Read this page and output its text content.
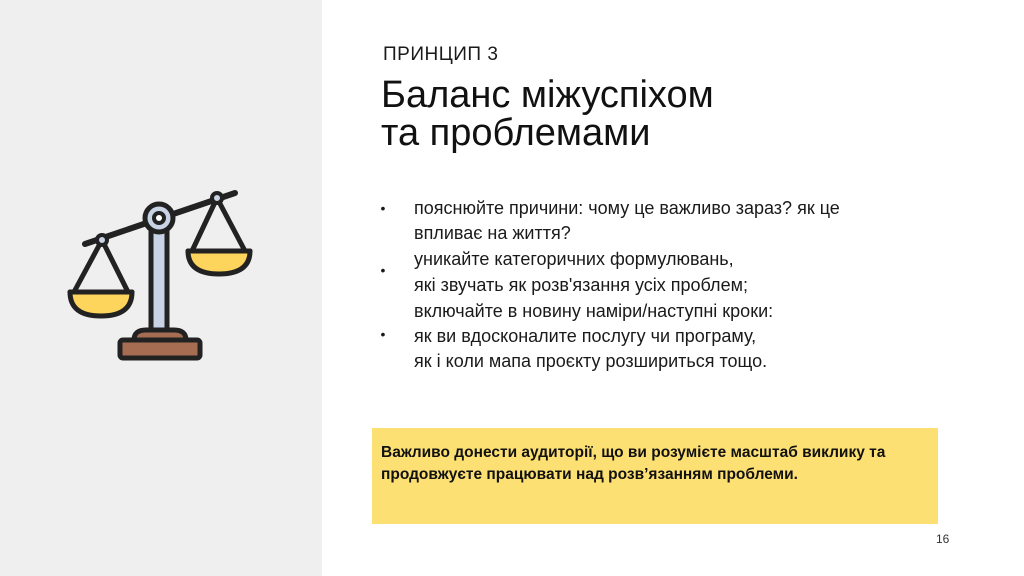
ПРИНЦИП 3
Баланс міжуспіхом
та проблемами
•
•
•
пояснюйте причини: чому це важливо зараз? як це
впливає на життя?
уникайте категоричних формулювань,
які звучать як розв'язання усіх проблем;
включайте в новину наміри/наступні кроки:
як ви вдосконалите послугу чи програму,
як і коли мапа проєкту розшириться тощо.
Важливо донести аудиторії, що ви розумієте масштаб виклику та продовжуєте працювати над розв’язанням проблеми.
16
